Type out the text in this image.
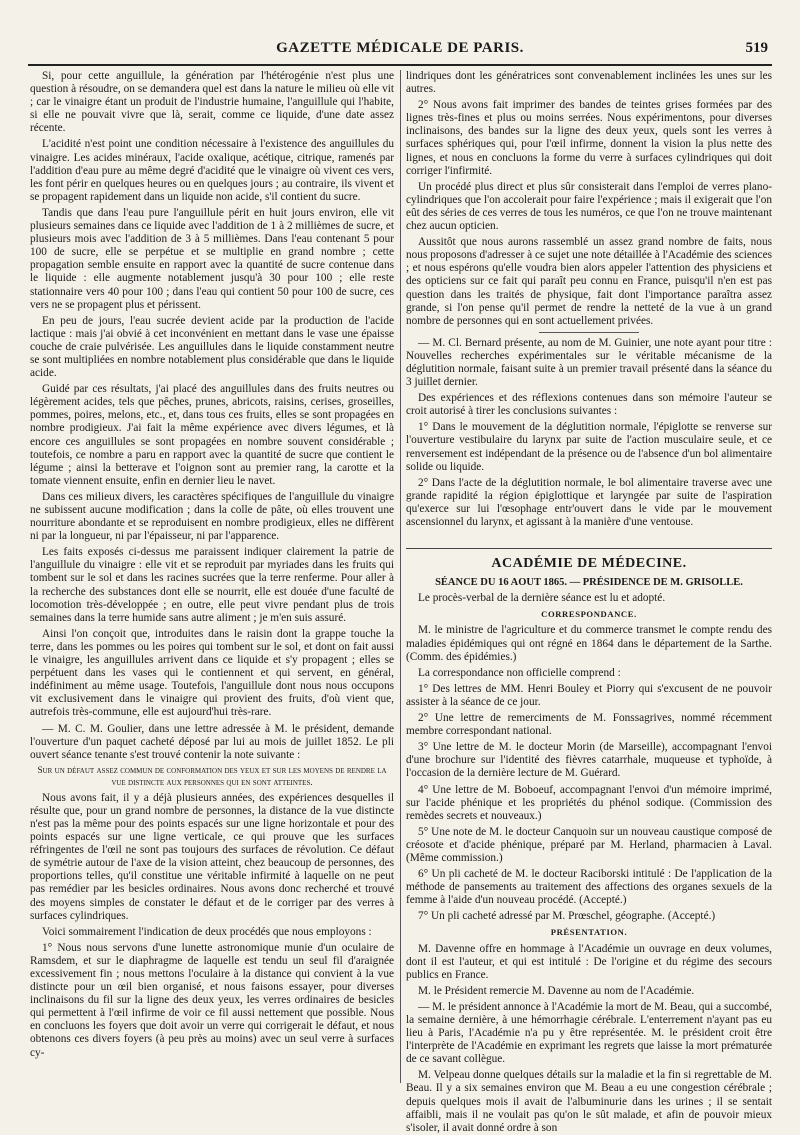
GAZETTE MÉDICALE DE PARIS.	519

Si, pour cette anguillule, la génération par l'hétérogénie n'est plus une question à résoudre, on se demandera quel est dans la nature le milieu où elle vit ; car le vinaigre étant un produit de l'industrie humaine, l'anguillule qui l'habite, si elle ne pouvait vivre que là, serait, comme ce liquide, d'une date assez récente.

L'acidité n'est point une condition nécessaire à l'existence des anguillules du vinaigre. Les acides minéraux, l'acide oxalique, acétique, citrique, ramenés par l'addition d'eau pure au même degré d'acidité que le vinaigre où vivent ces vers, les font périr en quelques heures ou en quelques jours ; au contraire, ils vivent et se propagent rapidement dans un liquide non acide, s'il contient du sucre.

Tandis que dans l'eau pure l'anguillule périt en huit jours environ, elle vit plusieurs semaines dans ce liquide avec l'addition de 1 à 2 millièmes de sucre, et plusieurs mois avec l'addition de 3 à 5 millièmes. Dans l'eau contenant 5 pour 100 de sucre, elle se perpétue et se multiplie en grand nombre ; cette propagation semble ensuite en rapport avec la quantité de sucre contenue dans le liquide : elle augmente notablement jusqu'à 30 pour 100 ; elle reste stationnaire vers 40 pour 100 ; dans l'eau qui contient 50 pour 100 de sucre, ces vers ne se propagent plus et périssent.

En peu de jours, l'eau sucrée devient acide par la production de l'acide lactique : mais j'ai obvié à cet inconvénient en mettant dans le vase une épaisse couche de craie pulvérisée. Les anguillules dans le liquide constamment neutre se sont multipliées en nombre notablement plus considérable que dans le liquide acide.

Guidé par ces résultats, j'ai placé des anguillules dans des fruits neutres ou légèrement acides, tels que pêches, prunes, abricots, raisins, cerises, groseilles, pommes, poires, melons, etc., et, dans tous ces fruits, elles se sont propagées en nombre prodigieux. J'ai fait la même expérience avec divers légumes, et là encore ces anguillules se sont propagées en nombre souvent considérable ; toutefois, ce nombre a paru en rapport avec la quantité de sucre que contient le légume ; ainsi la betterave et l'oignon sont au premier rang, la carotte et la tomate viennent ensuite, enfin en dernier lieu le navet.

Dans ces milieux divers, les caractères spécifiques de l'anguillule du vinaigre ne subissent aucune modification ; dans la colle de pâte, où elles trouvent une nourriture abondante et se reproduisent en nombre prodigieux, elles ne diffèrent ni par la longueur, ni par l'épaisseur, ni par l'apparence.

Les faits exposés ci-dessus me paraissent indiquer clairement la patrie de l'anguillule du vinaigre : elle vit et se reproduit par myriades dans les fruits qui tombent sur le sol et dans les racines sucrées que la terre renferme. Pour aller à la recherche des substances dont elle se nourrit, elle est douée d'une faculté de locomotion très-développée ; en outre, elle peut vivre pendant plus de trois semaines dans la terre humide sans autre aliment ; je m'en suis assuré.

Ainsi l'on conçoit que, introduites dans le raisin dont la grappe touche la terre, dans les pommes ou les poires qui tombent sur le sol, et dont on fait aussi le vinaigre, les anguillules arrivent dans ce liquide et s'y propagent ; elles se perpétuent dans les vases qui le contiennent et qui servent, en général, indéfiniment au même usage. Toutefois, l'anguillule dont nous nous occupons vit exclusivement dans le vinaigre qui provient des fruits, d'où vient que, autrefois très-commune, elle est aujourd'hui très-rare.

— M. C. M. Goulier, dans une lettre adressée à M. le président, demande l'ouverture d'un paquet cacheté déposé par lui au mois de juillet 1852. Le pli ouvert séance tenante s'est trouvé contenir la note suivante :

Sur un défaut assez commun de conformation des yeux et sur les moyens de rendre la vue distincte aux personnes qui en sont atteintes.

Nous avons fait, il y a déjà plusieurs années, des expériences desquelles il résulte que, pour un grand nombre de personnes, la distance de la vue distincte n'est pas la même pour des points espacés sur une ligne horizontale et pour des points espacés sur une ligne verticale, ce qui prouve que les surfaces réfringentes de l'œil ne sont pas toujours des surfaces de révolution. Ce défaut de symétrie autour de l'axe de la vision atteint, chez beaucoup de personnes, des proportions telles, qu'il constitue une véritable infirmité à laquelle on ne peut pas remédier par les besicles ordinaires. Nous avons donc recherché et trouvé des moyens simples de constater le défaut et de le corriger par des verres à surfaces cylindriques.

Voici sommairement l'indication de deux procédés que nous employons :

1° Nous nous servons d'une lunette astronomique munie d'un oculaire de Ramsdem, et sur le diaphragme de laquelle est tendu un seul fil d'araignée excessivement fin ; nous mettons l'oculaire à la distance qui convient à la vue distincte pour un œil bien organisé, et nous faisons essayer, pour diverses inclinaisons du fil sur la ligne des deux yeux, les verres ordinaires de besicles qui permettent à l'œil infirme de voir ce fil aussi nettement que possible. Nous en concluons les foyers que doit avoir un verre qui corrigerait le défaut, et nous obtenons ces divers foyers (à peu près au moins) avec un seul verre à surfaces cy-

lindriques dont les génératrices sont convenablement inclinées les unes sur les autres.

2° Nous avons fait imprimer des bandes de teintes grises formées par des lignes très-fines et plus ou moins serrées. Nous expérimentons, pour diverses inclinaisons, des bandes sur la ligne des deux yeux, quels sont les verres à surfaces sphériques qui, pour l'œil infirme, donnent la vision la plus nette des lignes, et nous en concluons la forme du verre à surfaces cylindriques qui doit corriger l'infirmité.

Un procédé plus direct et plus sûr consisterait dans l'emploi de verres plano-cylindriques que l'on accolerait pour faire l'expérience ; mais il exigerait que l'on eût des séries de ces verres de tous les numéros, ce que l'on ne trouve maintenant chez aucun opticien.

Aussitôt que nous aurons rassemblé un assez grand nombre de faits, nous nous proposons d'adresser à ce sujet une note détaillée à l'Académie des sciences ; et nous espérons qu'elle voudra bien alors appeler l'attention des physiciens et des opticiens sur ce fait qui paraît peu connu en France, puisqu'il n'en est pas question dans les traités de physique, fait dont l'importance paraîtra assez grande, si l'on pense qu'il permet de rendre la netteté de la vue à un grand nombre de personnes qui en sont actuellement privées.

— M. Cl. Bernard présente, au nom de M. Guinier, une note ayant pour titre : Nouvelles recherches expérimentales sur le véritable mécanisme de la déglutition normale, faisant suite à un premier travail présenté dans la séance du 3 juillet dernier.

Des expériences et des réflexions contenues dans son mémoire l'auteur se croit autorisé à tirer les conclusions suivantes :

1° Dans le mouvement de la déglutition normale, l'épiglotte se renverse sur l'ouverture vestibulaire du larynx par suite de l'action musculaire seule, et ce renversement est indépendant de la présence ou de l'absence d'un bol alimentaire solide ou liquide.

2° Dans l'acte de la déglutition normale, le bol alimentaire traverse avec une grande rapidité la région épiglottique et laryngée par suite de l'aspiration qu'exerce sur lui l'œsophage entr'ouvert dans le vide par le mouvement ascensionnel du larynx, et agissant à la manière d'une ventouse.

ACADÉMIE DE MÉDECINE.

SÉANCE DU 16 AOUT 1865. — PRÉSIDENCE DE M. GRISOLLE.

Le procès-verbal de la dernière séance est lu et adopté.

CORRESPONDANCE.

M. le ministre de l'agriculture et du commerce transmet le compte rendu des maladies épidémiques qui ont régné en 1864 dans le département de la Sarthe. (Comm. des épidémies.)

La correspondance non officielle comprend :

1° Des lettres de MM. Henri Bouley et Piorry qui s'excusent de ne pouvoir assister à la séance de ce jour.

2° Une lettre de remerciments de M. Fonssagrives, nommé récemment membre correspondant national.

3° Une lettre de M. le docteur Morin (de Marseille), accompagnant l'envoi d'une brochure sur l'identité des fièvres catarrhale, muqueuse et typhoïde, à l'occasion de la dernière lecture de M. Guérard.

4° Une lettre de M. Boboeuf, accompagnant l'envoi d'un mémoire imprimé, sur l'acide phénique et les propriétés du phénol sodique. (Commission des remèdes secrets et nouveaux.)

5° Une note de M. le docteur Canquoin sur un nouveau caustique composé de créosote et d'acide phénique, préparé par M. Herland, pharmacien à Laval. (Même commission.)

6° Un pli cacheté de M. le docteur Raciborski intitulé : De l'application de la méthode de pansements au traitement des affections des organes sexuels de la femme à l'aide d'un nouveau procédé. (Accepté.)

7° Un pli cacheté adressé par M. Prœschel, géographe. (Accepté.)

PRÉSENTATION.

M. Davenne offre en hommage à l'Académie un ouvrage en deux volumes, dont il est l'auteur, et qui est intitulé : De l'origine et du régime des secours publics en France.

M. le Président remercie M. Davenne au nom de l'Académie.

— M. le président annonce à l'Académie la mort de M. Beau, qui a succombé, la semaine dernière, à une hémorrhagie cérébrale. L'enterrement n'ayant pas eu lieu à Paris, l'Académie n'a pu y être représentée. M. le président croit être l'interprète de l'Académie en exprimant les regrets que laisse la mort prématurée de ce savant collègue.

M. Velpeau donne quelques détails sur la maladie et la fin si regrettable de M. Beau. Il y a six semaines environ que M. Beau a eu une congestion cérébrale ; depuis quelques mois il avait de l'albuminurie dans les urines ; il se sentait affaibli, mais il ne voulait pas qu'on le sût malade, et afin de pouvoir mieux s'isoler, il avait donné ordre à son
